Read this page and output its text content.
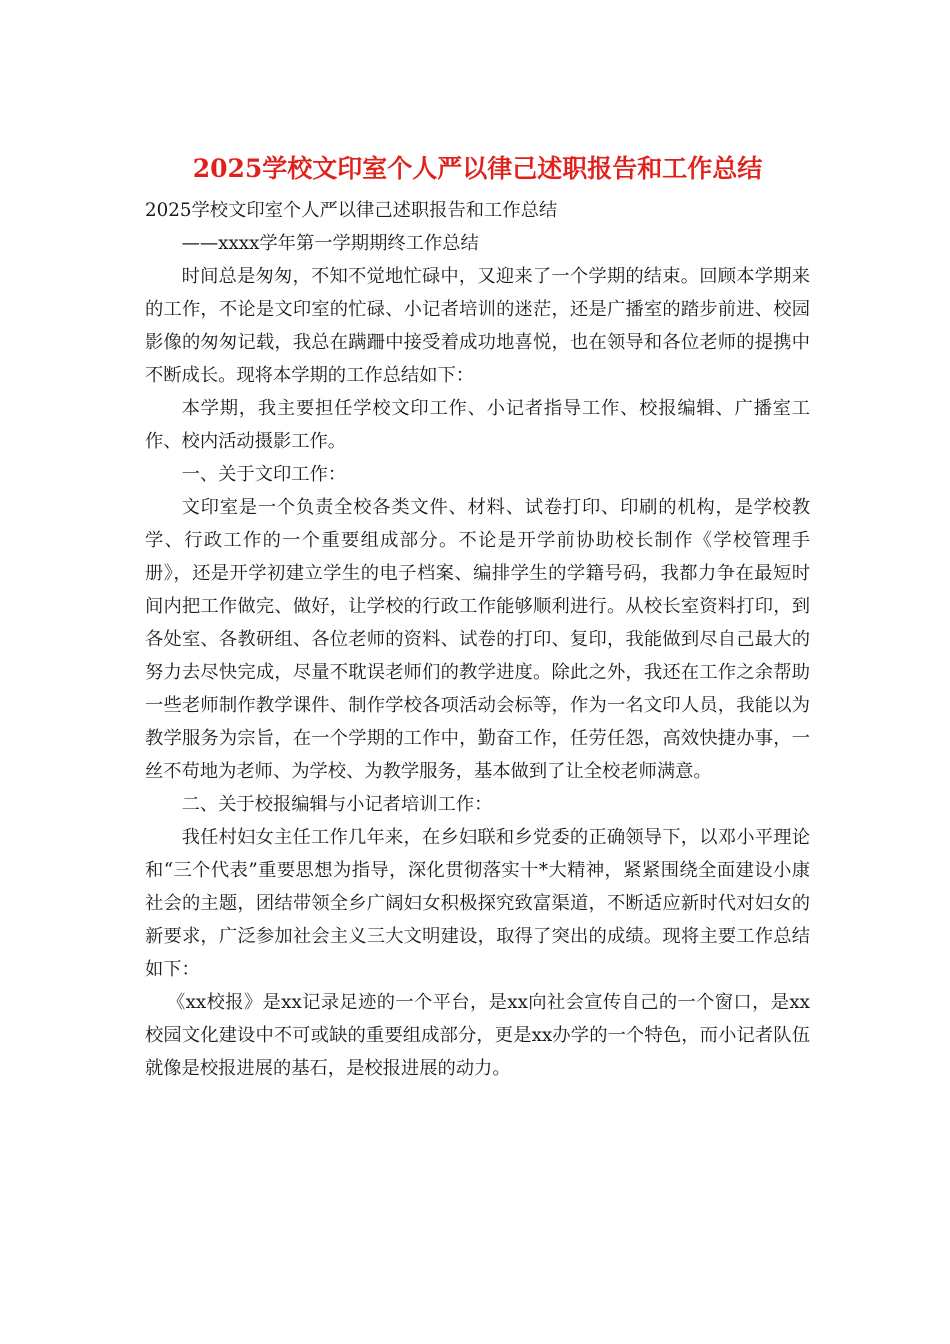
2025学校文印室个人严以律己述职报告和工作总结

2025学校文印室个人严以律己述职报告和工作总结

——xxxx学年第一学期期终工作总结

时间总是匆匆，不知不觉地忙碌中，又迎来了一个学期的结束。回顾本学期来的工作，不论是文印室的忙碌、小记者培训的迷茫，还是广播室的踏步前进、校园影像的匆匆记载，我总在蹒跚中接受着成功地喜悦，也在领导和各位老师的提携中不断成长。现将本学期的工作总结如下：

本学期，我主要担任学校文印工作、小记者指导工作、校报编辑、广播室工作、校内活动摄影工作。

一、关于文印工作：

文印室是一个负责全校各类文件、材料、试卷打印、印刷的机构，是学校教学、行政工作的一个重要组成部分。不论是开学前协助校长制作《学校管理手册》，还是开学初建立学生的电子档案、编排学生的学籍号码，我都力争在最短时间内把工作做完、做好，让学校的行政工作能够顺利进行。从校长室资料打印，到各处室、各教研组、各位老师的资料、试卷的打印、复印，我能做到尽自己最大的努力去尽快完成，尽量不耽误老师们的教学进度。除此之外，我还在工作之余帮助一些老师制作教学课件、制作学校各项活动会标等，作为一名文印人员，我能以为教学服务为宗旨，在一个学期的工作中，勤奋工作，任劳任怨，高效快捷办事，一丝不苟地为老师、为学校、为教学服务，基本做到了让全校老师满意。

二、关于校报编辑与小记者培训工作：

我任村妇女主任工作几年来，在乡妇联和乡党委的正确领导下，以邓小平理论和“三个代表”重要思想为指导，深化贯彻落实十*大精神，紧紧围绕全面建设小康社会的主题，团结带领全乡广阔妇女积极探究致富渠道，不断适应新时代对妇女的新要求，广泛参加社会主义三大文明建设，取得了突出的成绩。现将主要工作总结如下：

《xx校报》是xx记录足迹的一个平台，是xx向社会宣传自己的一个窗口，是xx校园文化建设中不可或缺的重要组成部分，更是xx办学的一个特色，而小记者队伍就像是校报进展的基石，是校报进展的动力。
